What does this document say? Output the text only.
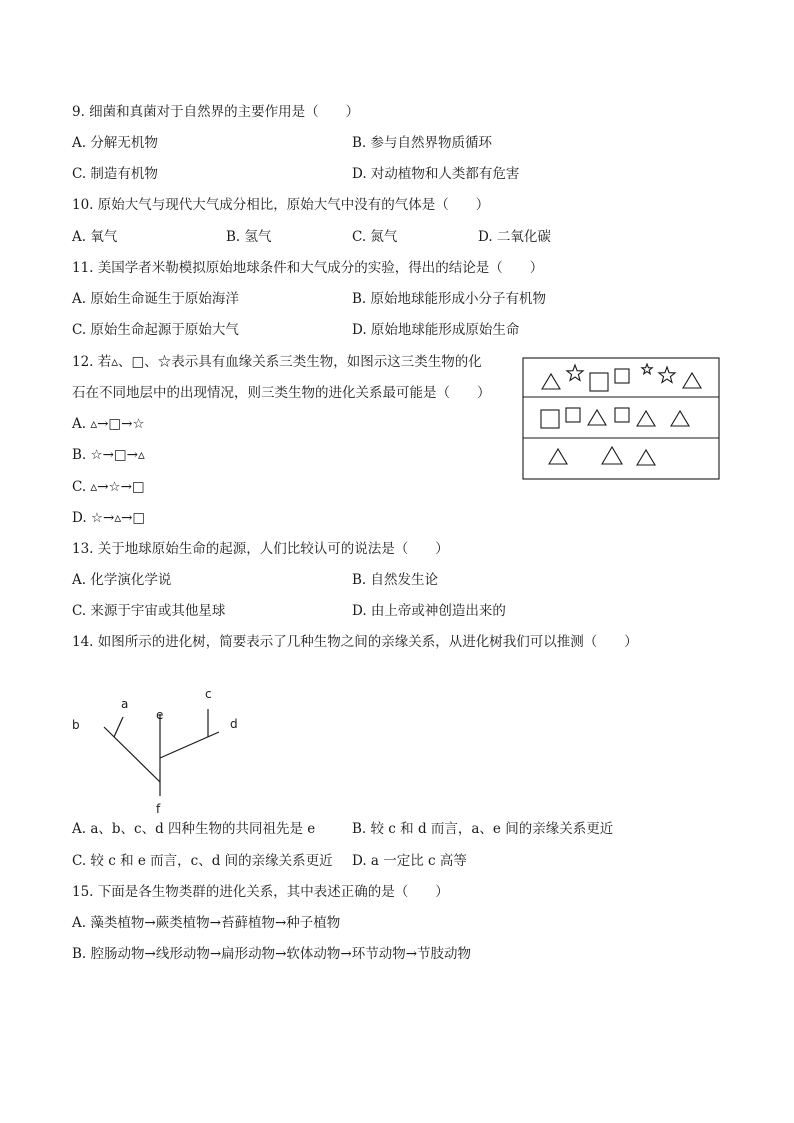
9. 细菌和真菌对于自然界的主要作用是（　　）
A. 分解无机物	B. 参与自然界物质循环
C. 制造有机物	D. 对动植物和人类都有危害
10. 原始大气与现代大气成分相比，原始大气中没有的气体是（　　）
A. 氧气	B. 氢气	C. 氮气	D. 二氧化碳
11. 美国学者米勒模拟原始地球条件和大气成分的实验，得出的结论是（　　）
A. 原始生命诞生于原始海洋	B. 原始地球能形成小分子有机物
C. 原始生命起源于原始大气	D. 原始地球能形成原始生命
12. 若▵、□、☆表示具有血缘关系三类生物，如图示这三类生物的化
石在不同地层中的出现情况，则三类生物的进化关系最可能是（　　）
A. ▵→□→☆
B. ☆→□→▵
C. ▵→☆→□
D. ☆→▵→□
13. 关于地球原始生命的起源，人们比较认可的说法是（　　）
A. 化学演化学说	B. 自然发生论
C. 来源于宇宙或其他星球	D. 由上帝或神创造出来的
14. 如图所示的进化树，简要表示了几种生物之间的亲缘关系，从进化树我们可以推测（　　）
a
b
c
d
e
f
A. a、b、c、d 四种生物的共同祖先是 e	B. 较 c 和 d 而言，a、e 间的亲缘关系更近
C. 较 c 和 e 而言，c、d 间的亲缘关系更近 D. a 一定比 c 高等
15. 下面是各生物类群的进化关系，其中表述正确的是（　　）
A. 藻类植物→蕨类植物→苔藓植物→种子植物
B. 腔肠动物→线形动物→扁形动物→软体动物→环节动物→节肢动物
